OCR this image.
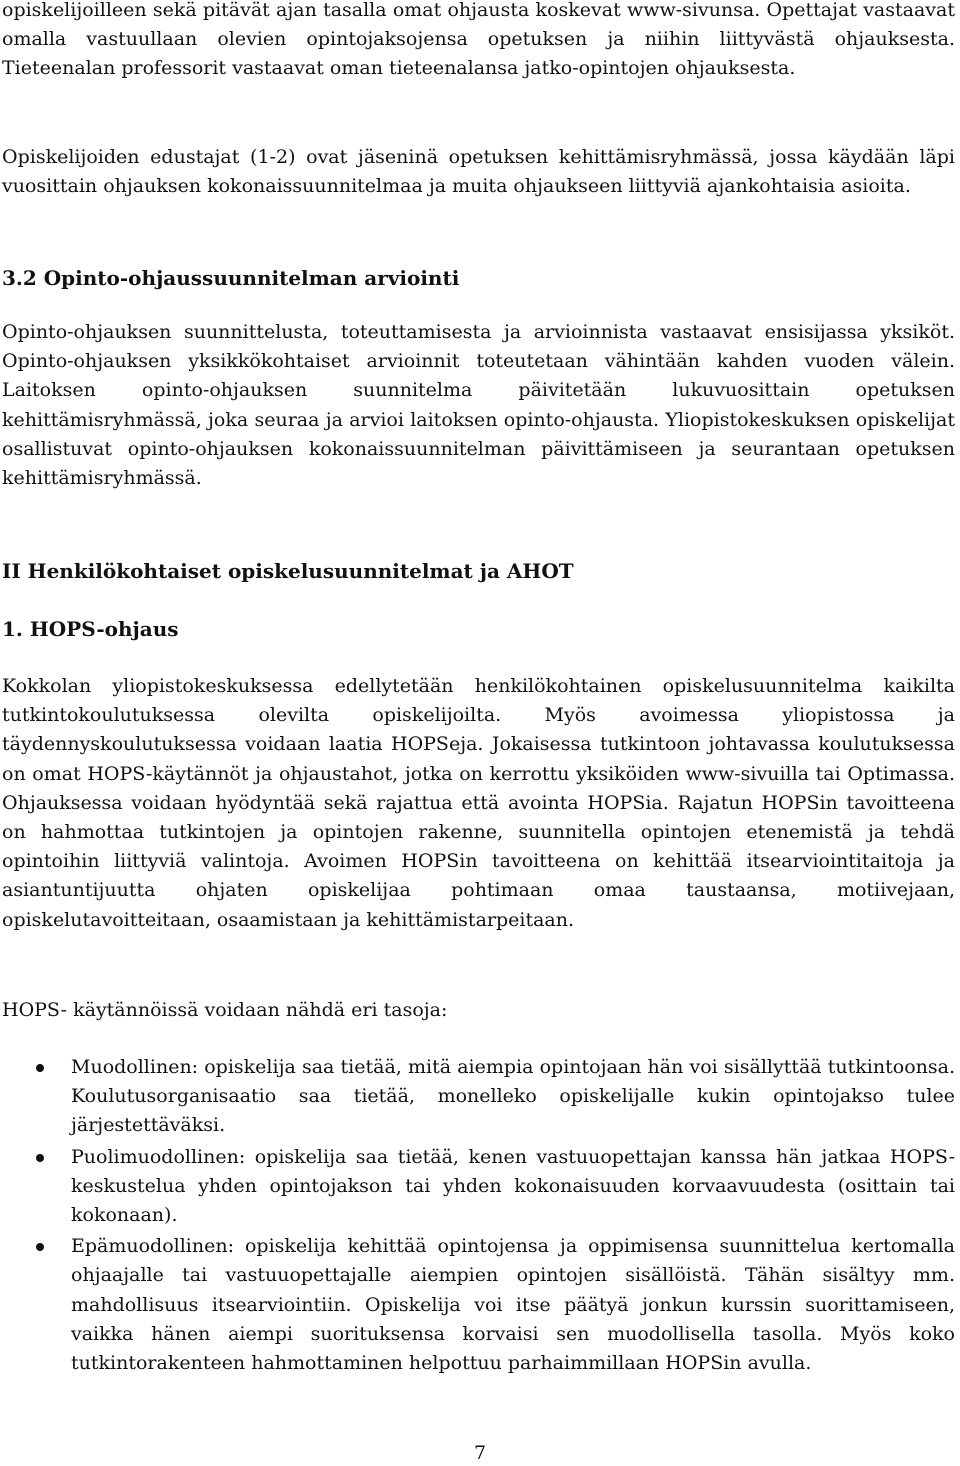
opiskelijoilleen sekä pitävät ajan tasalla omat ohjausta koskevat www-sivunsa. Opettajat vastaavat omalla vastuullaan olevien opintojaksojensa opetuksen ja niihin liittyvästä ohjauksesta. Tieteenalan professorit vastaavat oman tieteenalansa jatko-opintojen ohjauksesta.

Opiskelijoiden edustajat (1-2) ovat jäseninä opetuksen kehittämisryhmässä, jossa käydään läpi vuosittain ohjauksen kokonaissuunnitelmaa ja muita ohjaukseen liittyviä ajankohtaisia asioita.

3.2 Opinto-ohjaussuunnitelman arviointi

Opinto-ohjauksen suunnittelusta, toteuttamisesta ja arvioinnista vastaavat ensisijassa yksiköt. Opinto-ohjauksen yksikkökohtaiset arvioinnit toteutetaan vähintään kahden vuoden välein. Laitoksen opinto-ohjauksen suunnitelma päivitetään lukuvuosittain opetuksen kehittämisryhmässä, joka seuraa ja arvioi laitoksen opinto-ohjausta. Yliopistokeskuksen opiskelijat osallistuvat opinto-ohjauksen kokonaissuunnitelman päivittämiseen ja seurantaan opetuksen kehittämisryhmässä.

II Henkilökohtaiset opiskelusuunnitelmat ja AHOT
1. HOPS-ohjaus

Kokkolan yliopistokeskuksessa edellytetään henkilökohtainen opiskelusuunnitelma kaikilta tutkintokoulutuksessa olevilta opiskelijoilta. Myös avoimessa yliopistossa ja täydennyskoulutuksessa voidaan laatia HOPSeja. Jokaisessa tutkintoon johtavassa koulutuksessa on omat HOPS-käytännöt ja ohjaustahot, jotka on kerrottu yksiköiden www-sivuilla tai Optimassa. Ohjauksessa voidaan hyödyntää sekä rajattua että avointa HOPSia. Rajatun HOPSin tavoitteena on hahmottaa tutkintojen ja opintojen rakenne, suunnitella opintojen etenemistä ja tehdä opintoihin liittyviä valintoja. Avoimen HOPSin tavoitteena on kehittää itsearviointitaitoja ja asiantuntijuutta ohjaten opiskelijaa pohtimaan omaa taustaansa, motiivejaan, opiskelutavoitteitaan, osaamistaan ja kehittämistarpeitaan.

HOPS- käytännöissä voidaan nähdä eri tasoja:

Muodollinen: opiskelija saa tietää, mitä aiempia opintojaan hän voi sisällyttää tutkintoonsa. Koulutusorganisaatio saa tietää, monelleko opiskelijalle kukin opintojakso tulee järjestettäväksi.
Puolimuodollinen: opiskelija saa tietää, kenen vastuuopettajan kanssa hän jatkaa HOPS-keskustelua yhden opintojakson tai yhden kokonaisuuden korvaavuudesta (osittain tai kokonaan).
Epämuodollinen: opiskelija kehittää opintojensa ja oppimisensa suunnittelua kertomalla ohjaajalle tai vastuuopettajalle aiempien opintojen sisällöistä. Tähän sisältyy mm. mahdollisuus itsearviointiin. Opiskelija voi itse päätyä jonkun kurssin suorittamiseen, vaikka hänen aiempi suorituksensa korvaisi sen muodollisella tasolla. Myös koko tutkintorakenteen hahmottaminen helpottuu parhaimmillaan HOPSin avulla.
7
